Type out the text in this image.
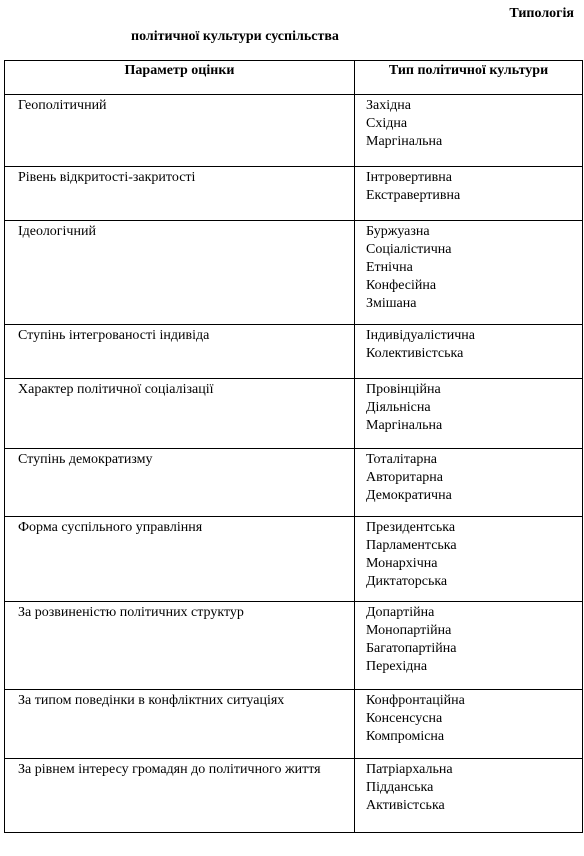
Типологія
політичної культури суспільства
Параметр оцінки	Тип політичної культури

Геополітичний	Західна
Східна
Маргінальна

Рівень відкритості-закритості	Інтровертивна
Екстравертивна

Ідеологічний	Буржуазна
Соціалістична
Етнічна
Конфесійна
Змішана

Ступінь інтегрованості індивіда	Індивідуалістична
Колективістська

Характер політичної соціалізації	Провінційна
Діяльнісна
Маргінальна

Ступінь демократизму	Тоталітарна
Авторитарна
Демократична

Форма суспільного управління	Президентська
Парламентська
Монархічна
Диктаторська

За розвиненістю політичних структур	Допартійна
Монопартійна
Багатопартійна
Перехідна

За типом поведінки в конфліктних ситуаціях	Конфронтаційна
Консенсусна
Компромісна

За рівнем інтересу громадян до політичного життя	Патріархальна
Підданська
Активістська
